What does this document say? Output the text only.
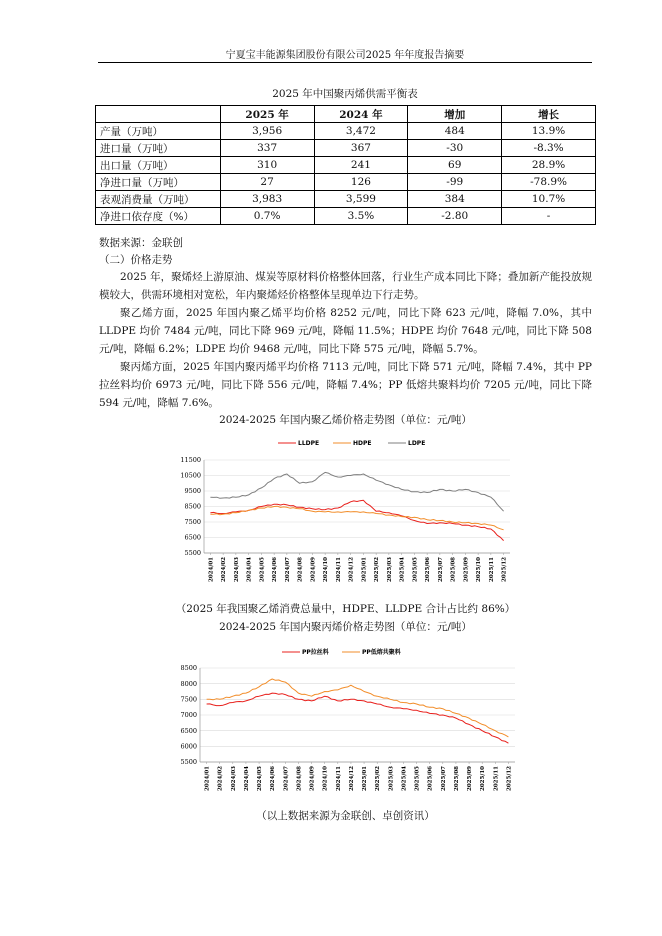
宁夏宝丰能源集团股份有限公司2025 年年度报告摘要
2025 年中国聚丙烯供需平衡表
	2025 年	2024 年	增加	增长
产量（万吨）	3,956	3,472	484	13.9%
进口量（万吨）	337	367	-30	-8.3%
出口量（万吨）	310	241	69	28.9%
净进口量（万吨）	27	126	-99	-78.9%
表观消费量（万吨）	3,983	3,599	384	10.7%
净进口依存度（%）	0.7%	3.5%	-2.80	-
数据来源：金联创
（二）价格走势
2025 年，聚烯烃上游原油、煤炭等原材料价格整体回落，行业生产成本同比下降；叠加新产能投放规模较大，供需环境相对宽松，年内聚烯烃价格整体呈现单边下行走势。
聚乙烯方面，2025 年国内聚乙烯平均价格 8252 元/吨，同比下降 623 元/吨，降幅 7.0%，其中 LLDPE 均价 7484 元/吨，同比下降 969 元/吨，降幅 11.5%；HDPE 均价 7648 元/吨，同比下降 508 元/吨，降幅 6.2%；LDPE 均价 9468 元/吨，同比下降 575 元/吨，降幅 5.7%。
聚丙烯方面，2025 年国内聚丙烯平均价格 7113 元/吨，同比下降 571 元/吨，降幅 7.4%，其中 PP 拉丝料均价 6973 元/吨，同比下降 556 元/吨，降幅 7.4%；PP 低熔共聚料均价 7205 元/吨，同比下降 594 元/吨，降幅 7.6%。
2024-2025 年国内聚乙烯价格走势图（单位：元/吨）
LLDPE	HDPE	LDPE
5500
6500
7500
8500
9500
10500
11500
2024/01 2024/02 2024/03 2024/04 2024/05 2024/06 2024/07 2024/08 2024/09 2024/10 2024/11 2024/12 2025/01 2025/02 2025/03 2025/04 2025/05 2025/06 2025/07 2025/08 2025/09 2025/10 2025/11 2025/12
（2025 年我国聚乙烯消费总量中，HDPE、LLDPE 合计占比约 86%）
2024-2025 年国内聚丙烯价格走势图（单位：元/吨）
PP拉丝料	PP低熔共聚料
5500
6000
6500
7000
7500
8000
8500
2024/01 2024/02 2024/03 2024/04 2024/05 2024/06 2024/07 2024/08 2024/09 2024/10 2024/11 2024/12 2025/01 2025/02 2025/03 2025/04 2025/05 2025/06 2025/07 2025/08 2025/09 2025/10 2025/11 2025/12
（以上数据来源为金联创、卓创资讯）
